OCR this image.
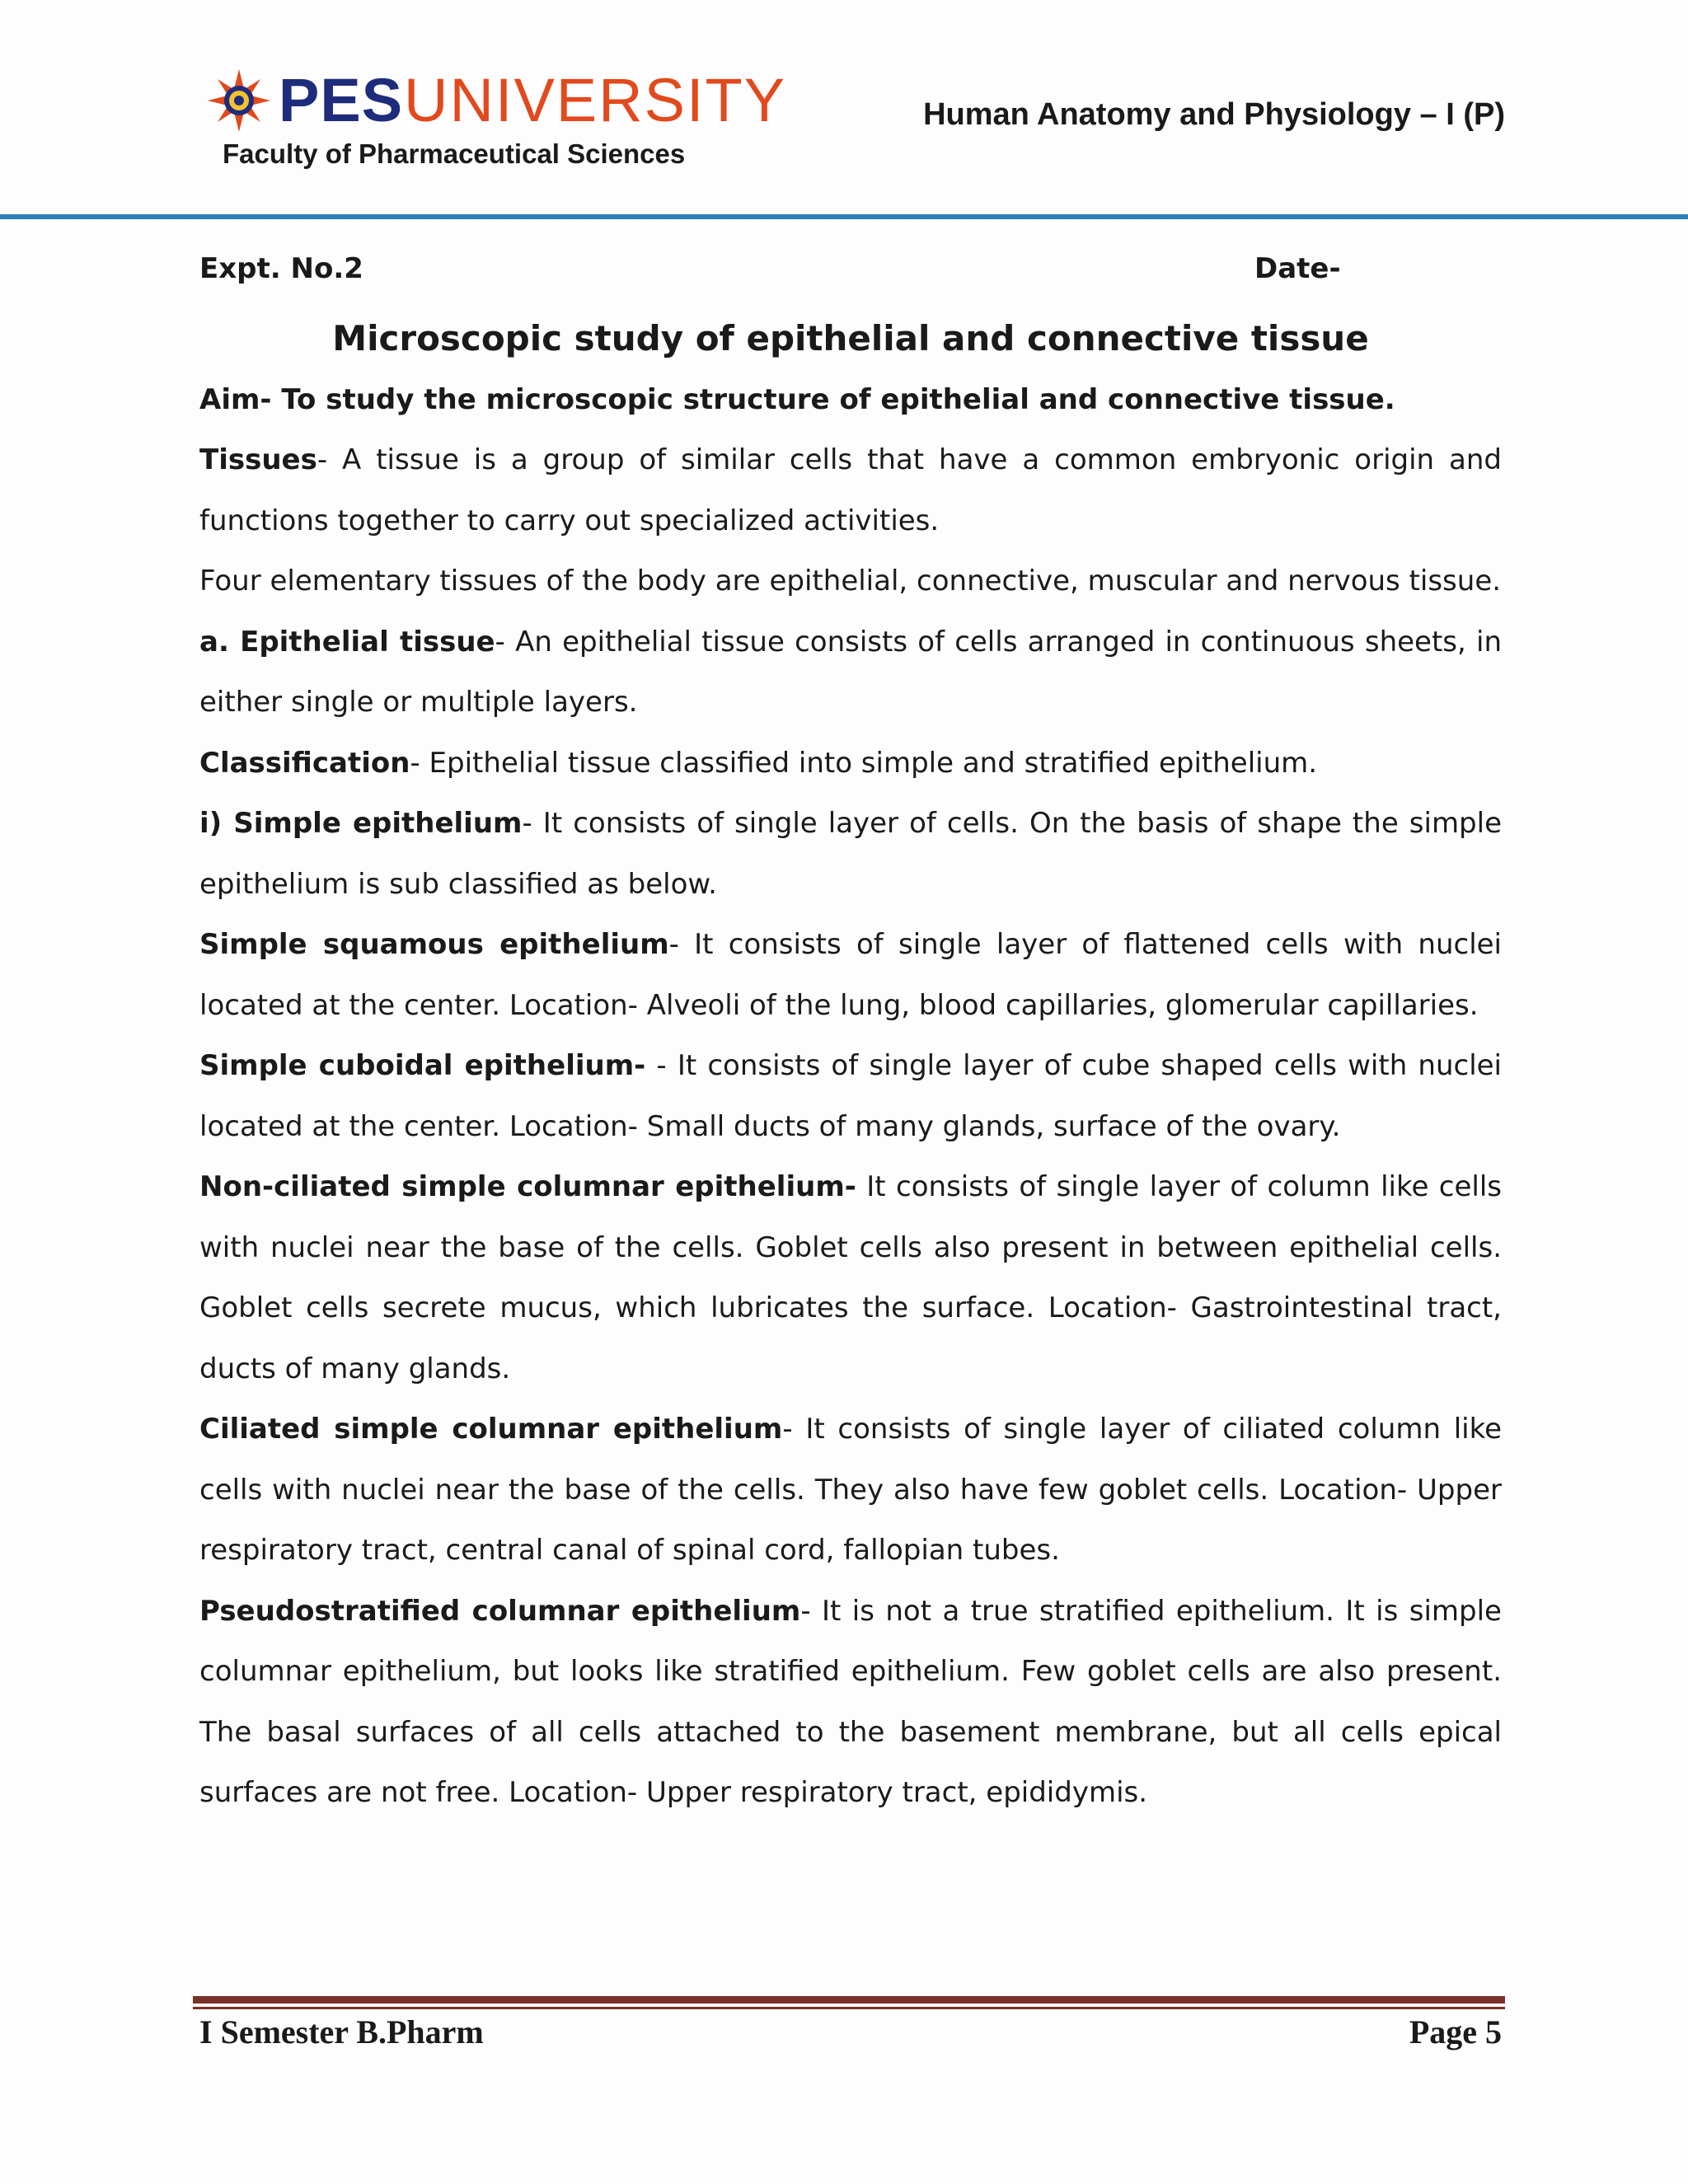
PES UNIVERSITY
Faculty of Pharmaceutical Sciences
Human Anatomy and Physiology – I (P)
Expt. No.2	Date-
Microscopic study of epithelial and connective tissue
Aim- To study the microscopic structure of epithelial and connective tissue.

Tissues- A tissue is a group of similar cells that have a common embryonic origin and functions together to carry out specialized activities.

Four elementary tissues of the body are epithelial, connective, muscular and nervous tissue.

a. Epithelial tissue- An epithelial tissue consists of cells arranged in continuous sheets, in either single or multiple layers.

Classification- Epithelial tissue classified into simple and stratified epithelium.

i) Simple epithelium- It consists of single layer of cells. On the basis of shape the simple epithelium is sub classified as below.

Simple squamous epithelium- It consists of single layer of flattened cells with nuclei located at the center. Location- Alveoli of the lung, blood capillaries, glomerular capillaries.

Simple cuboidal epithelium- - It consists of single layer of cube shaped cells with nuclei located at the center. Location- Small ducts of many glands, surface of the ovary.

Non-ciliated simple columnar epithelium- It consists of single layer of column like cells with nuclei near the base of the cells. Goblet cells also present in between epithelial cells. Goblet cells secrete mucus, which lubricates the surface. Location- Gastrointestinal tract, ducts of many glands.

Ciliated simple columnar epithelium- It consists of single layer of ciliated column like cells with nuclei near the base of the cells. They also have few goblet cells. Location- Upper respiratory tract, central canal of spinal cord, fallopian tubes.

Pseudostratified columnar epithelium- It is not a true stratified epithelium. It is simple columnar epithelium, but looks like stratified epithelium. Few goblet cells are also present. The basal surfaces of all cells attached to the basement membrane, but all cells epical surfaces are not free. Location- Upper respiratory tract, epididymis.

I Semester B.Pharm	Page 5
